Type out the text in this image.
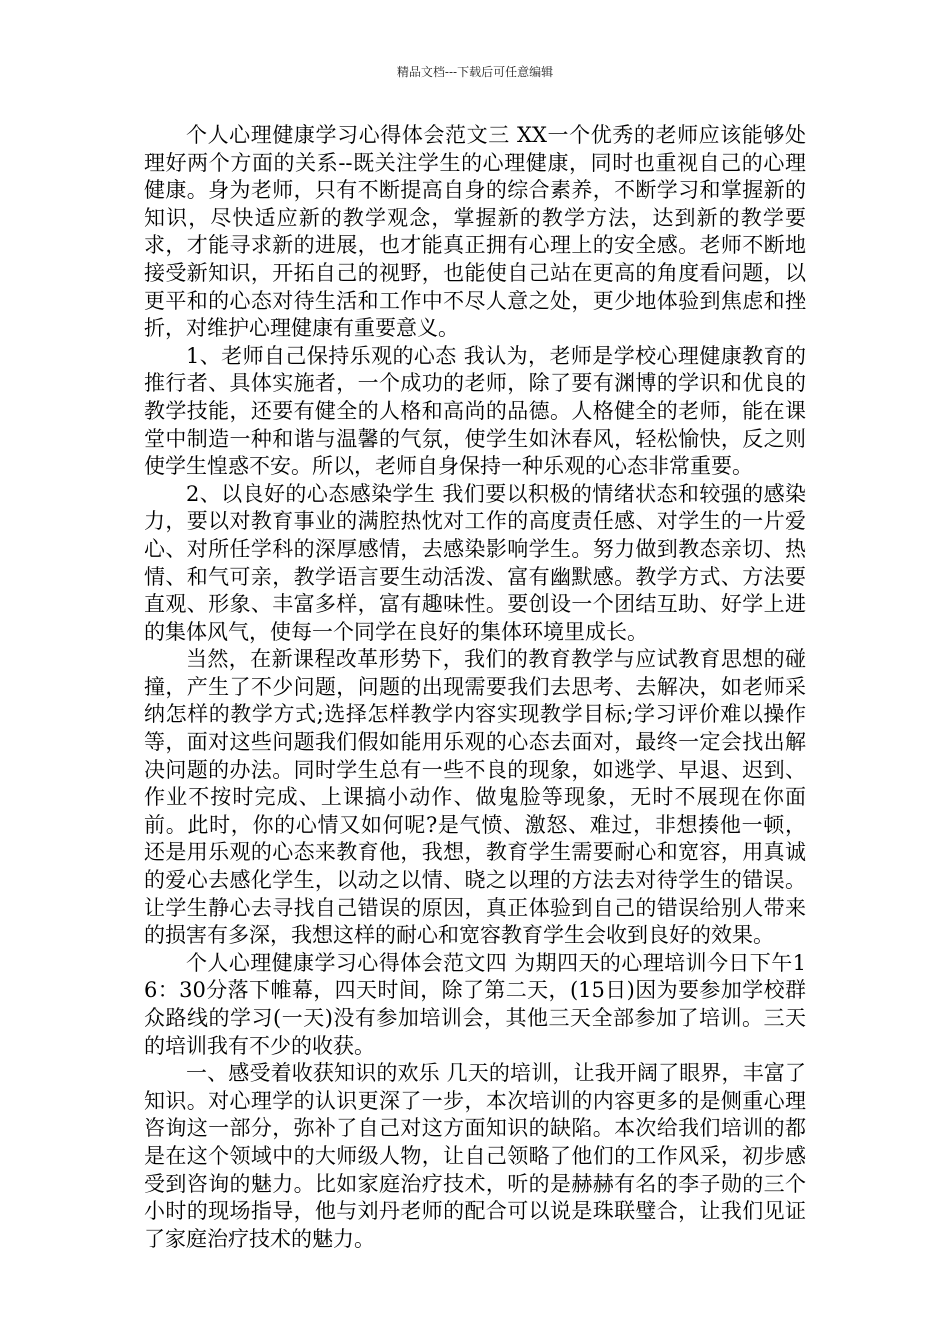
精品文档---下载后可任意编辑

个人心理健康学习心得体会范文三 XX一个优秀的老师应该能够处理好两个方面的关系--既关注学生的心理健康，同时也重视自己的心理健康。身为老师，只有不断提高自身的综合素养，不断学习和掌握新的知识，尽快适应新的教学观念，掌握新的教学方法，达到新的教学要求，才能寻求新的进展，也才能真正拥有心理上的安全感。老师不断地接受新知识，开拓自己的视野，也能使自己站在更高的角度看问题，以更平和的心态对待生活和工作中不尽人意之处，更少地体验到焦虑和挫折，对维护心理健康有重要意义。

1、老师自己保持乐观的心态 我认为，老师是学校心理健康教育的推行者、具体实施者，一个成功的老师，除了要有渊博的学识和优良的教学技能，还要有健全的人格和高尚的品德。人格健全的老师，能在课堂中制造一种和谐与温馨的气氛，使学生如沐春风，轻松愉快，反之则使学生惶惑不安。所以，老师自身保持一种乐观的心态非常重要。

2、以良好的心态感染学生 我们要以积极的情绪状态和较强的感染力，要以对教育事业的满腔热忱对工作的高度责任感、对学生的一片爱心、对所任学科的深厚感情，去感染影响学生。努力做到教态亲切、热情、和气可亲，教学语言要生动活泼、富有幽默感。教学方式、方法要直观、形象、丰富多样，富有趣味性。要创设一个团结互助、好学上进的集体风气，使每一个同学在良好的集体环境里成长。

当然，在新课程改革形势下，我们的教育教学与应试教育思想的碰撞，产生了不少问题，问题的出现需要我们去思考、去解决，如老师采纳怎样的教学方式;选择怎样教学内容实现教学目标;学习评价难以操作等，面对这些问题我们假如能用乐观的心态去面对，最终一定会找出解决问题的办法。同时学生总有一些不良的现象，如逃学、早退、迟到、作业不按时完成、上课搞小动作、做鬼脸等现象，无时不展现在你面前。此时，你的心情又如何呢?是气愤、激怒、难过，非想揍他一顿，还是用乐观的心态来教育他，我想，教育学生需要耐心和宽容，用真诚的爱心去感化学生，以动之以情、晓之以理的方法去对待学生的错误。让学生静心去寻找自己错误的原因，真正体验到自己的错误给别人带来的损害有多深，我想这样的耐心和宽容教育学生会收到良好的效果。

个人心理健康学习心得体会范文四 为期四天的心理培训今日下午16：30分落下帷幕，四天时间，除了第二天，(15日)因为要参加学校群众路线的学习(一天)没有参加培训会，其他三天全部参加了培训。三天的培训我有不少的收获。

一、感受着收获知识的欢乐 几天的培训，让我开阔了眼界，丰富了知识。对心理学的认识更深了一步，本次培训的内容更多的是侧重心理咨询这一部分，弥补了自己对这方面知识的缺陷。本次给我们培训的都是在这个领域中的大师级人物，让自己领略了他们的工作风采，初步感受到咨询的魅力。比如家庭治疗技术，听的是赫赫有名的李子勋的三个小时的现场指导，他与刘丹老师的配合可以说是珠联璧合，让我们见证了家庭治疗技术的魅力。
